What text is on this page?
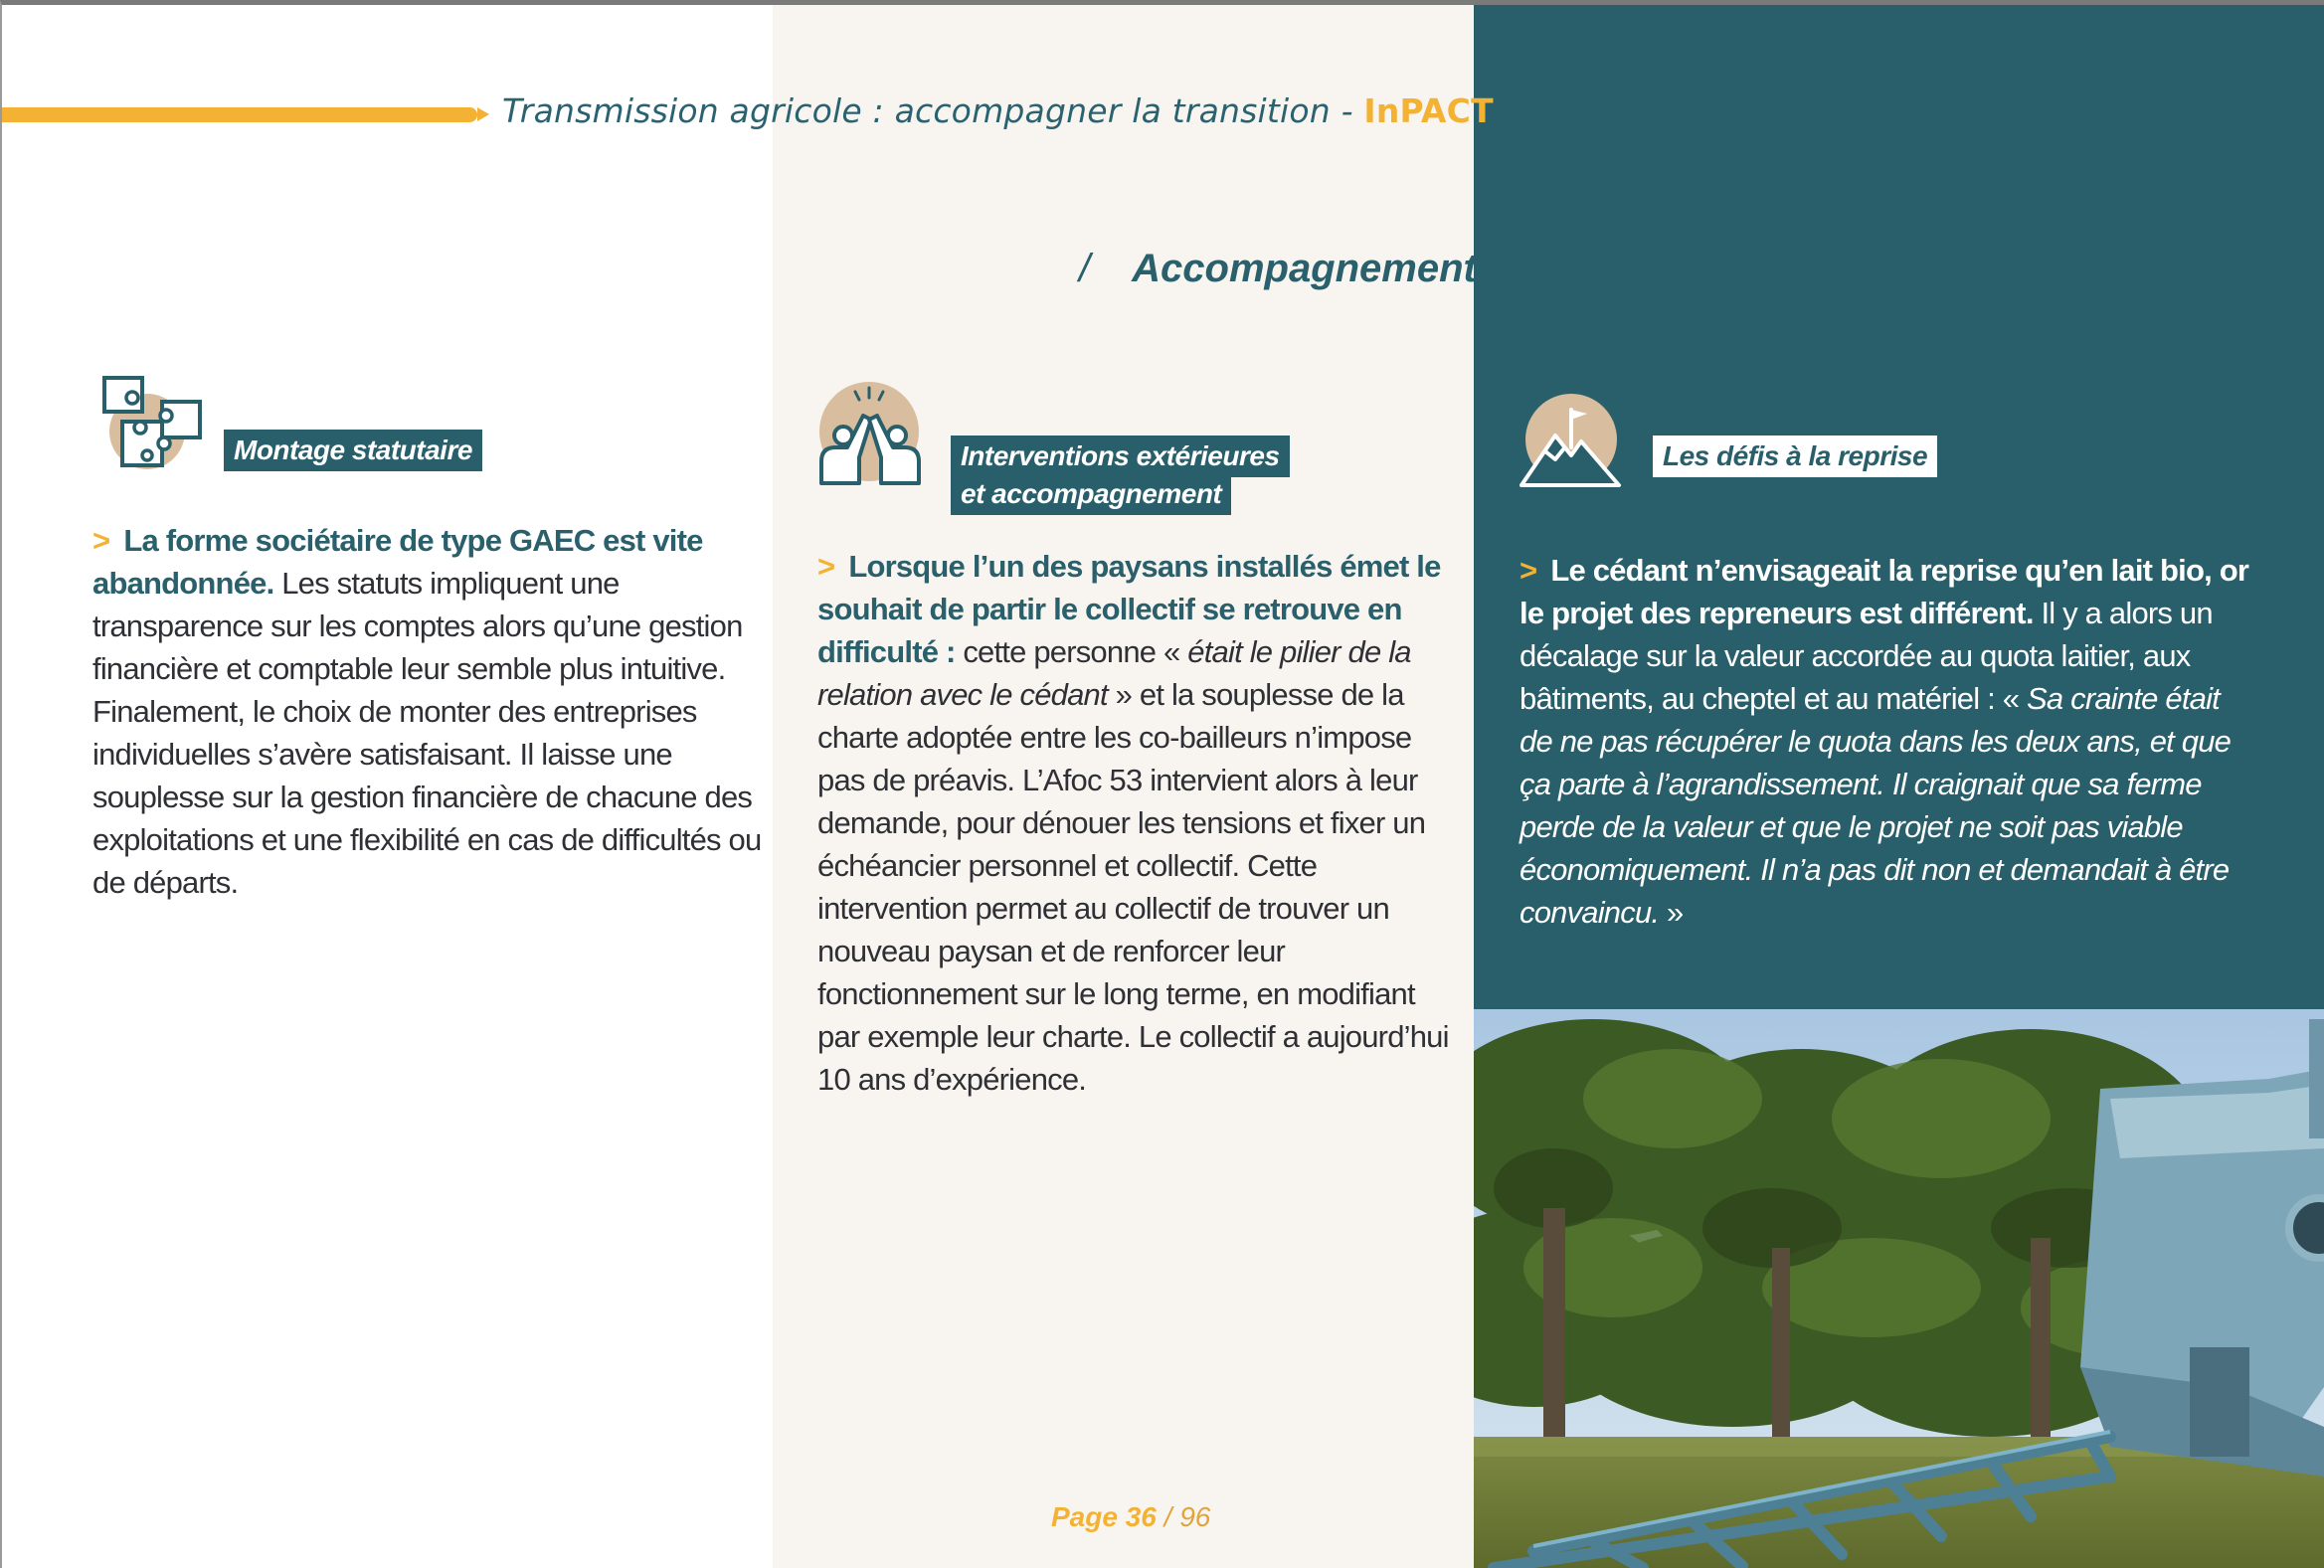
Transmission agricole : accompagner la transition - InPACT
/ Accompagnement
Montage statutaire
> La forme sociétaire de type GAEC est vite abandonnée. Les statuts impliquent une transparence sur les comptes alors qu’une gestion financière et comptable leur semble plus intuitive. Finalement, le choix de monter des entreprises individuelles s’avère satisfaisant. Il laisse une souplesse sur la gestion financière de chacune des exploitations et une flexibilité en cas de difficultés ou de départs.
Interventions extérieures
et accompagnement
> Lorsque l’un des paysans installés émet le souhait de partir le collectif se retrouve en difficulté : cette personne « était le pilier de la relation avec le cédant » et la souplesse de la charte adoptée entre les co-bailleurs n’impose pas de préavis. L’Afoc 53 intervient alors à leur demande, pour dénouer les tensions et fixer un échéancier personnel et collectif. Cette intervention permet au collectif de trouver un nouveau paysan et de renforcer leur fonctionnement sur le long terme, en modifiant par exemple leur charte. Le collectif a aujourd’hui 10 ans d’expérience.
Les défis à la reprise
> Le cédant n’envisageait la reprise qu’en lait bio, or le projet des repreneurs est différent. Il y a alors un décalage sur la valeur accordée au quota laitier, aux bâtiments, au cheptel et au matériel : « Sa crainte était de ne pas récupérer le quota dans les deux ans, et que ça parte à l’agrandissement. Il craignait que sa ferme perde de la valeur et que le projet ne soit pas viable économiquement. Il n’a pas dit non et demandait à être convaincu. »
Page 36 / 96
